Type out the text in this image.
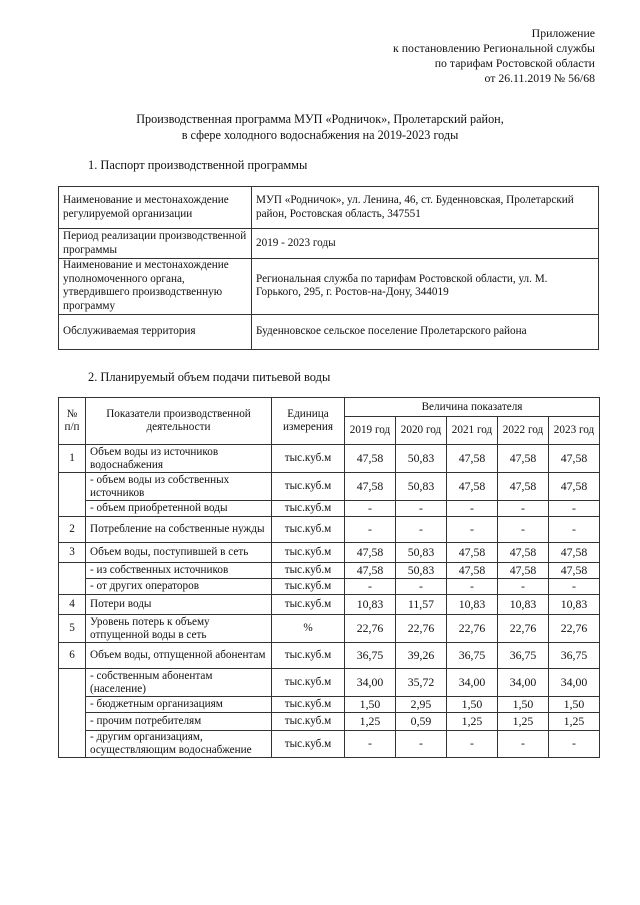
Приложение
к постановлению Региональной службы
по тарифам Ростовской области
от 26.11.2019 № 56/68
Производственная программа МУП «Родничок», Пролетарский район,
в сфере холодного водоснабжения на 2019-2023 годы
1. Паспорт производственной программы
Наименование и местонахождение регулируемой организации	МУП «Родничок», ул. Ленина, 46, ст. Буденновская, Пролетарский район, Ростовская область, 347551
Период реализации производственной программы	2019 - 2023 годы
Наименование и местонахождение уполномоченного органа, утвердившего производственную программу	Региональная служба по тарифам Ростовской области, ул. М. Горького, 295, г. Ростов-на-Дону, 344019
Обслуживаемая территория	Буденновское сельское поселение Пролетарского района
2. Планируемый объем подачи питьевой воды
№ п/п	Показатели производственной деятельности	Единица измерения	Величина показателя				
			2019 год	2020 год	2021 год	2022 год	2023 год
1	Объем воды из источников водоснабжения	тыс.куб.м	47,58	50,83	47,58	47,58	47,58
	- объем воды из собственных источников	тыс.куб.м	47,58	50,83	47,58	47,58	47,58
	- объем приобретенной воды	тыс.куб.м	-	-	-	-	-
2	Потребление на собственные нужды	тыс.куб.м	-	-	-	-	-
3	Объем воды, поступившей в сеть	тыс.куб.м	47,58	50,83	47,58	47,58	47,58
	- из собственных источников	тыс.куб.м	47,58	50,83	47,58	47,58	47,58
	- от других операторов	тыс.куб.м	-	-	-	-	-
4	Потери воды	тыс.куб.м	10,83	11,57	10,83	10,83	10,83
5	Уровень потерь к объему отпущенной воды в сеть	%	22,76	22,76	22,76	22,76	22,76
6	Объем воды, отпущенной абонентам	тыс.куб.м	36,75	39,26	36,75	36,75	36,75
	- собственным абонентам (население)	тыс.куб.м	34,00	35,72	34,00	34,00	34,00
	- бюджетным организациям	тыс.куб.м	1,50	2,95	1,50	1,50	1,50
	- прочим потребителям	тыс.куб.м	1,25	0,59	1,25	1,25	1,25
	- другим организациям, осуществляющим водоснабжение	тыс.куб.м	-	-	-	-	-
